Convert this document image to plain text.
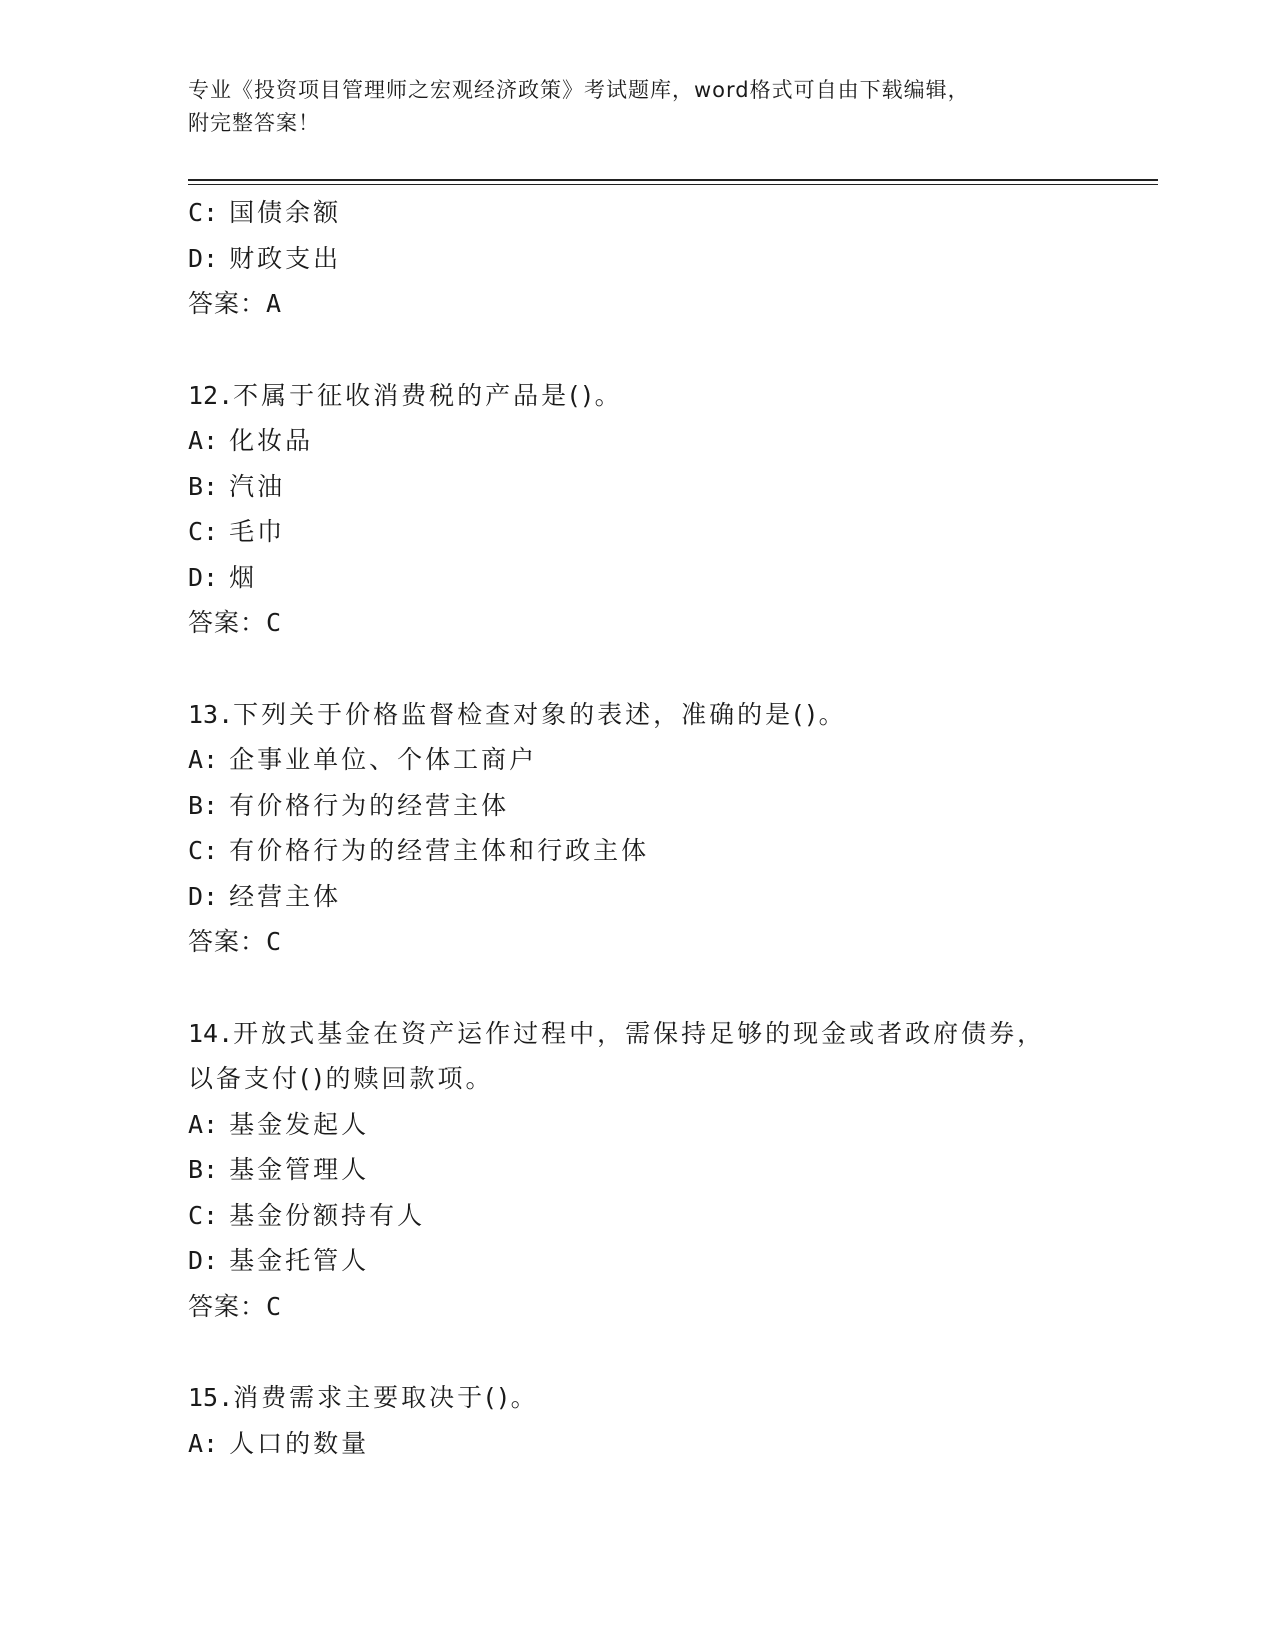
专业《投资项目管理师之宏观经济政策》考试题库，word格式可自由下载编辑，
附完整答案！
C: 国债余额
D: 财政支出
答案：A
12.不属于征收消费税的产品是()。
A: 化妆品
B: 汽油
C: 毛巾
D: 烟
答案：C
13.下列关于价格监督检查对象的表述，准确的是()。
A: 企事业单位、个体工商户
B: 有价格行为的经营主体
C: 有价格行为的经营主体和行政主体
D: 经营主体
答案：C
14.开放式基金在资产运作过程中，需保持足够的现金或者政府债券，
以备支付()的赎回款项。
A: 基金发起人
B: 基金管理人
C: 基金份额持有人
D: 基金托管人
答案：C
15.消费需求主要取决于()。
A: 人口的数量
